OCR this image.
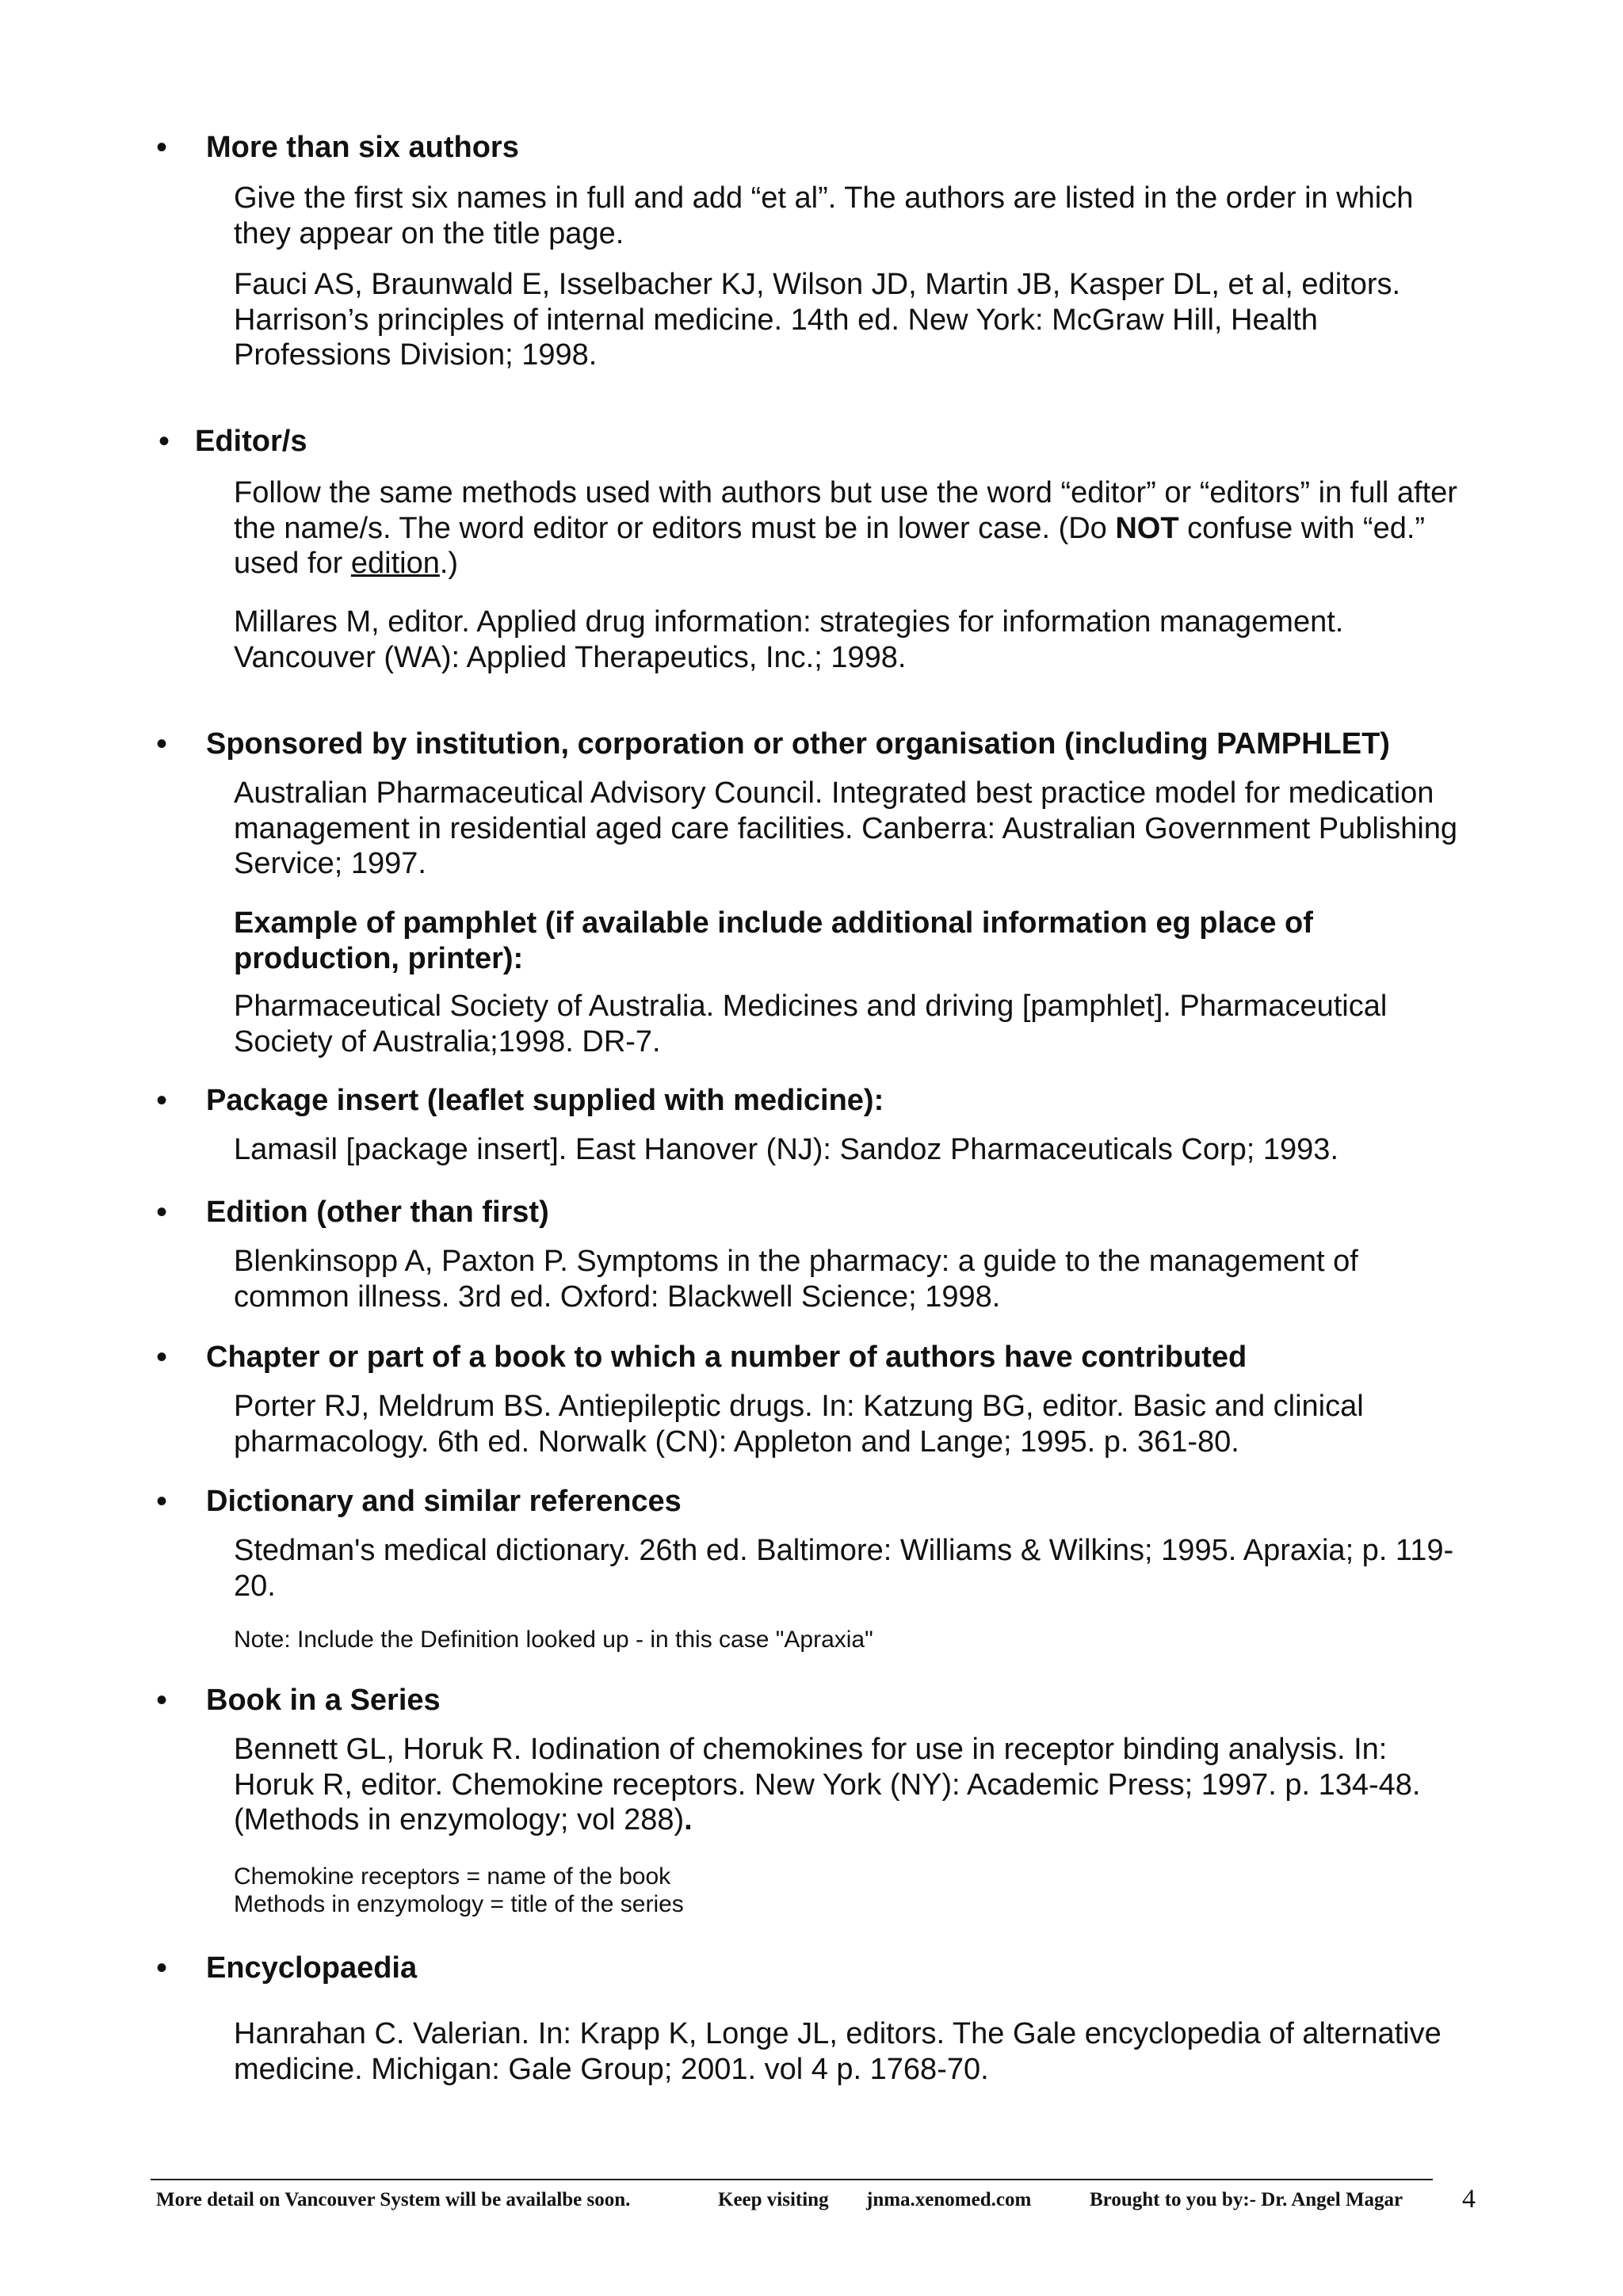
• More than six authors
Give the first six names in full and add “et al”. The authors are listed in the order in which they appear on the title page.
Fauci AS, Braunwald E, Isselbacher KJ, Wilson JD, Martin JB, Kasper DL, et al, editors. Harrison’s principles of internal medicine. 14th ed. New York: McGraw Hill, Health Professions Division; 1998.
• Editor/s
Follow the same methods used with authors but use the word “editor” or “editors” in full after the name/s. The word editor or editors must be in lower case. (Do NOT confuse with “ed.” used for edition.)
Millares M, editor. Applied drug information: strategies for information management. Vancouver (WA): Applied Therapeutics, Inc.; 1998.
• Sponsored by institution, corporation or other organisation (including PAMPHLET)
Australian Pharmaceutical Advisory Council. Integrated best practice model for medication management in residential aged care facilities. Canberra: Australian Government Publishing Service; 1997.
Example of pamphlet (if available include additional information eg place of production, printer):
Pharmaceutical Society of Australia. Medicines and driving [pamphlet]. Pharmaceutical Society of Australia;1998. DR-7.
• Package insert (leaflet supplied with medicine):
Lamasil [package insert]. East Hanover (NJ): Sandoz Pharmaceuticals Corp; 1993.
• Edition (other than first)
Blenkinsopp A, Paxton P. Symptoms in the pharmacy: a guide to the management of common illness. 3rd ed. Oxford: Blackwell Science; 1998.
• Chapter or part of a book to which a number of authors have contributed
Porter RJ, Meldrum BS. Antiepileptic drugs. In: Katzung BG, editor. Basic and clinical pharmacology. 6th ed. Norwalk (CN): Appleton and Lange; 1995. p. 361-80.
• Dictionary and similar references
Stedman's medical dictionary. 26th ed. Baltimore: Williams & Wilkins; 1995. Apraxia; p. 119-20.
Note: Include the Definition looked up - in this case "Apraxia"
• Book in a Series
Bennett GL, Horuk R. Iodination of chemokines for use in receptor binding analysis. In: Horuk R, editor. Chemokine receptors. New York (NY): Academic Press; 1997. p. 134-48. (Methods in enzymology; vol 288).
Chemokine receptors = name of the book
Methods in enzymology = title of the series
• Encyclopaedia
Hanrahan C. Valerian. In: Krapp K, Longe JL, editors. The Gale encyclopedia of alternative medicine. Michigan: Gale Group; 2001. vol 4 p. 1768-70.
More detail on Vancouver System will be availalbe soon.	Keep visiting jnma.xenomed.com	Brought to you by:- Dr. Angel Magar 4
